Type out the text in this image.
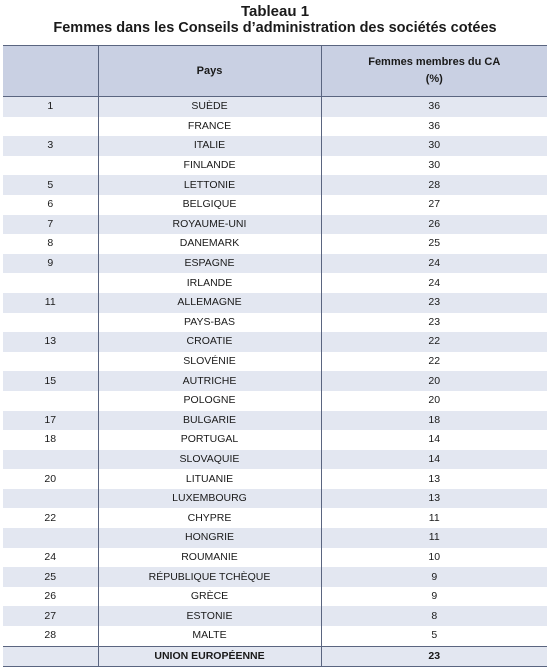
Tableau 1
Femmes dans les Conseils d’administration des sociétés cotées
	Pays	Femmes membres du CA (%)
1	SUÈDE	36
	FRANCE	36
3	ITALIE	30
	FINLANDE	30
5	LETTONIE	28
6	BELGIQUE	27
7	ROYAUME-UNI	26
8	DANEMARK	25
9	ESPAGNE	24
	IRLANDE	24
11	ALLEMAGNE	23
	PAYS-BAS	23
13	CROATIE	22
	SLOVÉNIE	22
15	AUTRICHE	20
	POLOGNE	20
17	BULGARIE	18
18	PORTUGAL	14
	SLOVAQUIE	14
20	LITUANIE	13
	LUXEMBOURG	13
22	CHYPRE	11
	HONGRIE	11
24	ROUMANIE	10
25	RÉPUBLIQUE TCHÈQUE	9
26	GRÈCE	9
27	ESTONIE	8
28	MALTE	5
	UNION EUROPÉENNE	23
